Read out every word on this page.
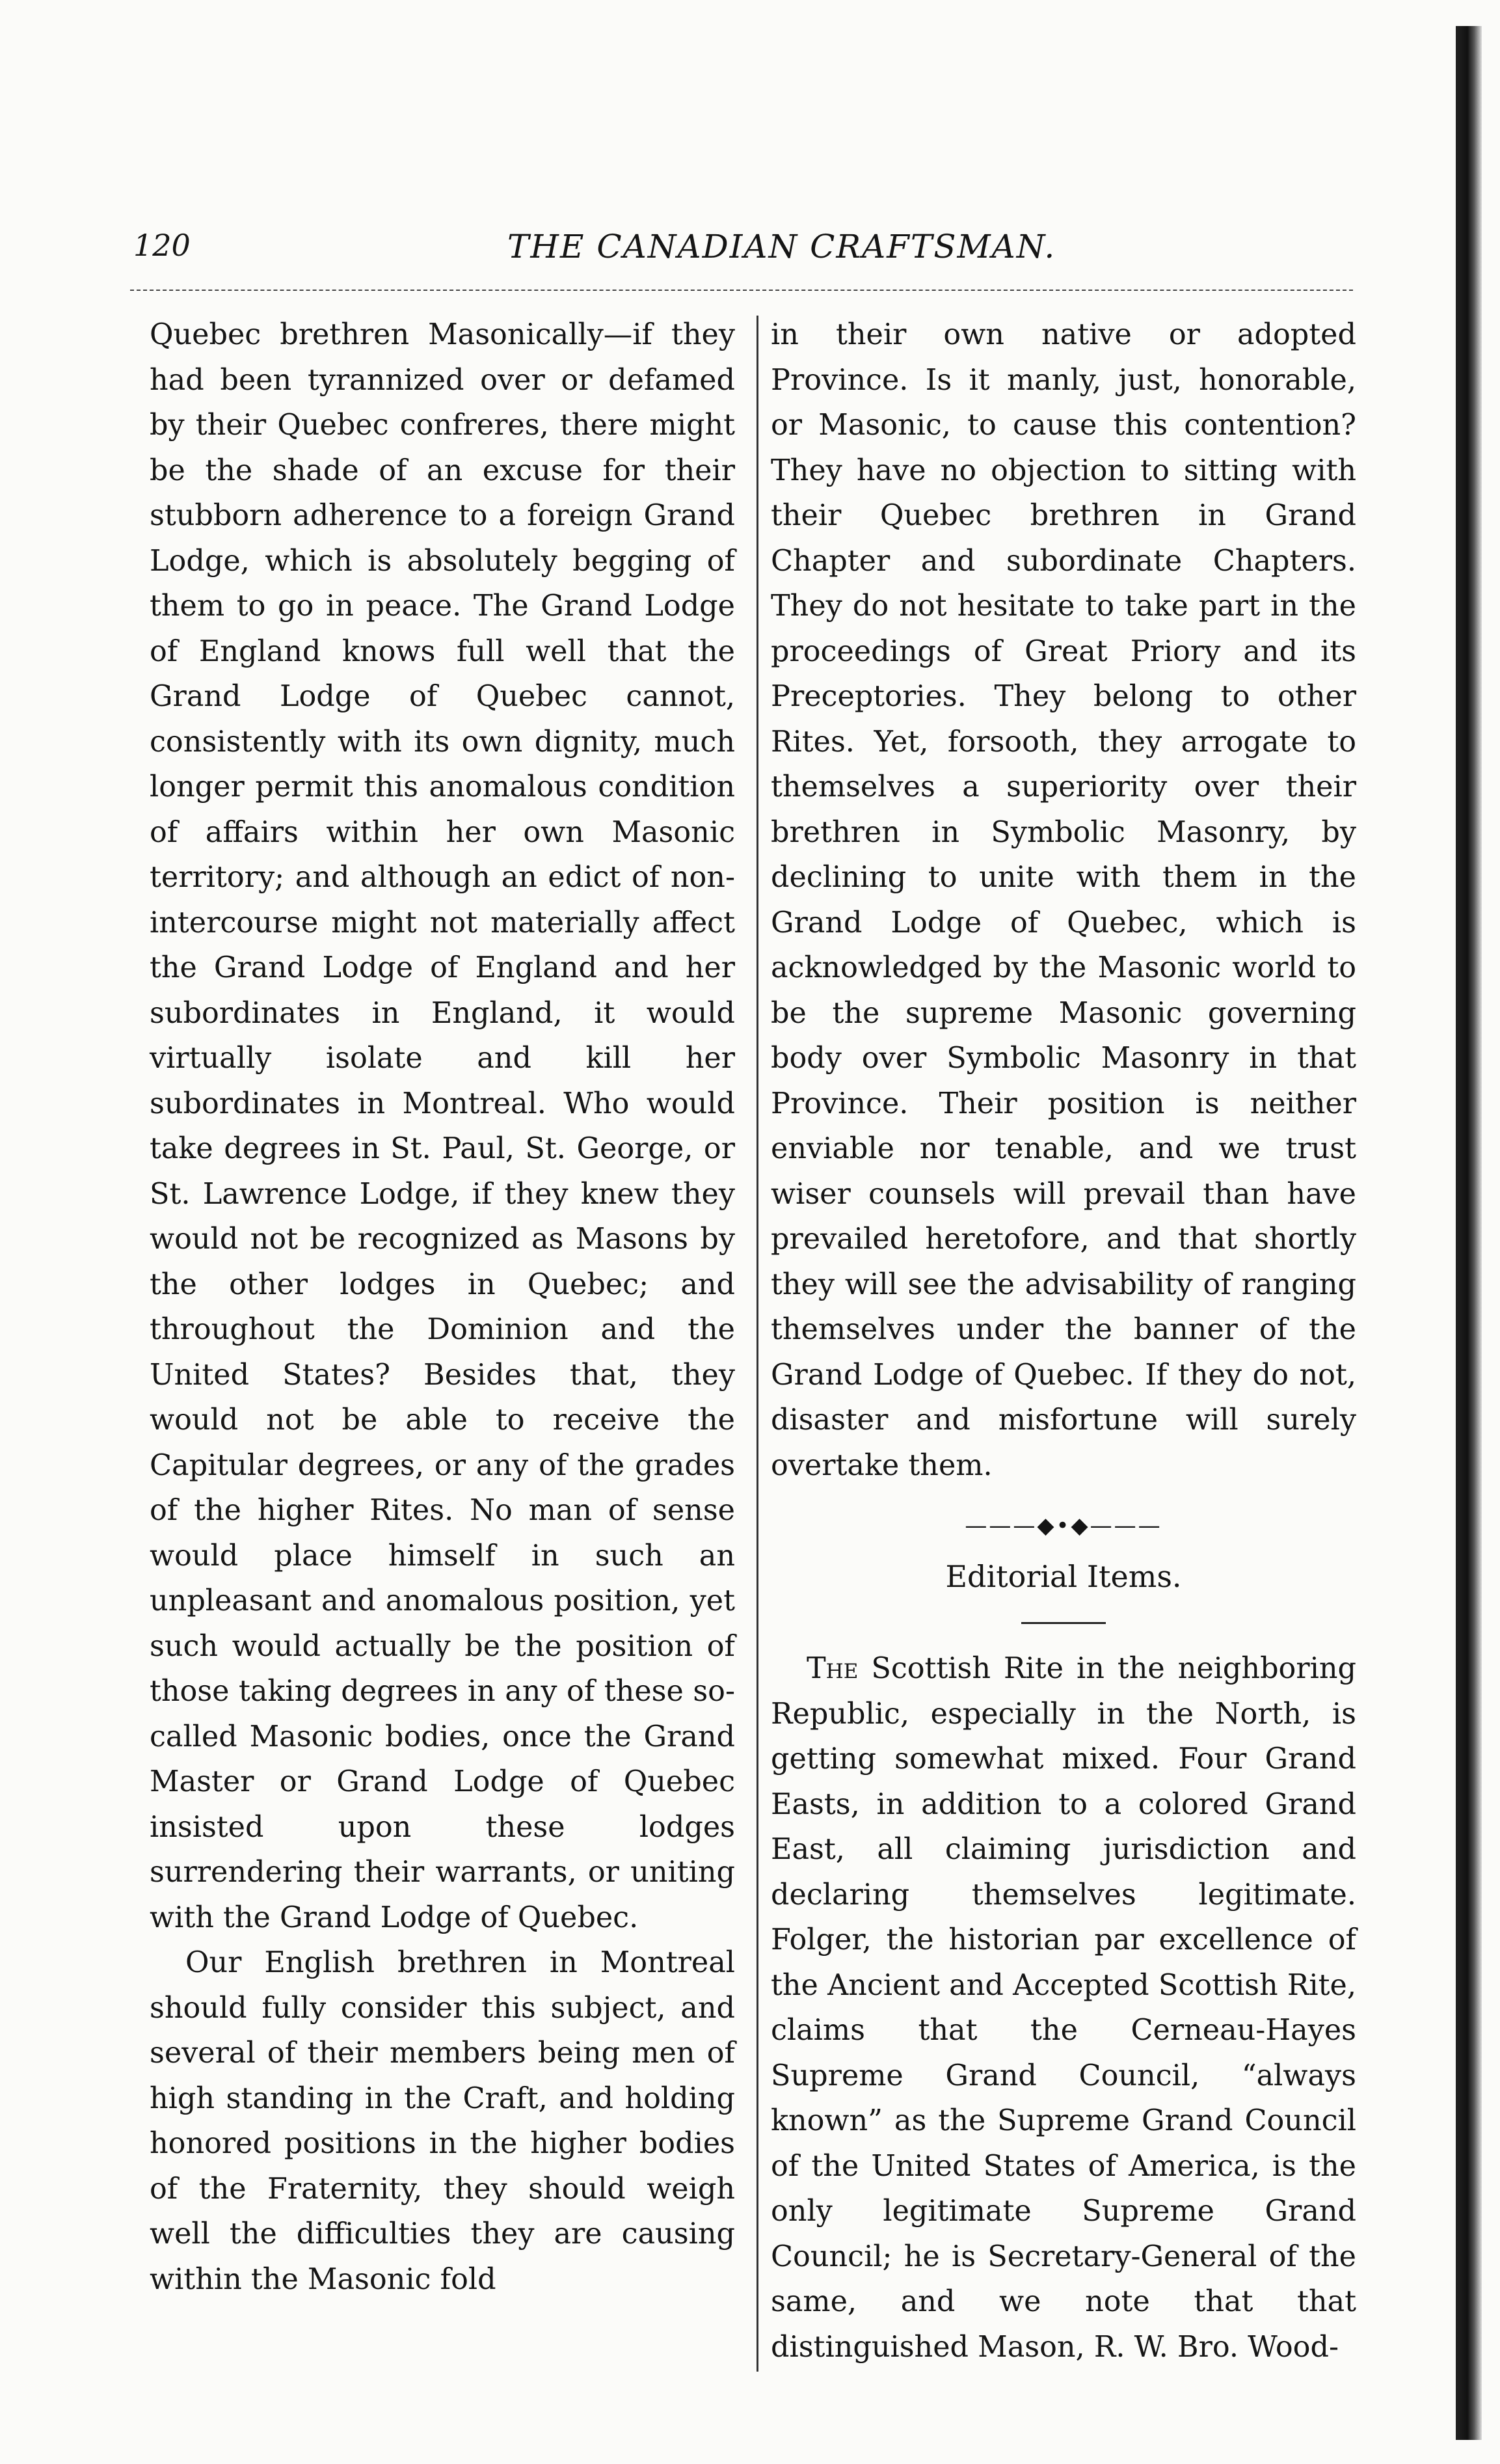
120	THE CANADIAN CRAFTSMAN.

Quebec brethren Masonically—if they had been tyrannized over or defamed by their Quebec confreres, there might be the shade of an excuse for their stubborn adherence to a foreign Grand Lodge, which is absolutely begging of them to go in peace. The Grand Lodge of England knows full well that the Grand Lodge of Quebec cannot, consistently with its own dignity, much longer permit this anomalous condition of affairs within her own Masonic territory; and although an edict of non-intercourse might not materially affect the Grand Lodge of England and her subordinates in England, it would virtually isolate and kill her subordinates in Montreal. Who would take degrees in St. Paul, St. George, or St. Lawrence Lodge, if they knew they would not be recognized as Masons by the other lodges in Quebec; and throughout the Dominion and the United States? Besides that, they would not be able to receive the Capitular degrees, or any of the grades of the higher Rites. No man of sense would place himself in such an unpleasant and anomalous position, yet such would actually be the position of those taking degrees in any of these so-called Masonic bodies, once the Grand Master or Grand Lodge of Quebec insisted upon these lodges surrendering their warrants, or uniting with the Grand Lodge of Quebec.

Our English brethren in Montreal should fully consider this subject, and several of their members being men of high standing in the Craft, and holding honored positions in the higher bodies of the Fraternity, they should weigh well the difficulties they are causing within the Masonic fold

in their own native or adopted Province. Is it manly, just, honorable, or Masonic, to cause this contention? They have no objection to sitting with their Quebec brethren in Grand Chapter and subordinate Chapters. They do not hesitate to take part in the proceedings of Great Priory and its Preceptories. They belong to other Rites. Yet, forsooth, they arrogate to themselves a superiority over their brethren in Symbolic Masonry, by declining to unite with them in the Grand Lodge of Quebec, which is acknowledged by the Masonic world to be the supreme Masonic governing body over Symbolic Masonry in that Province. Their position is neither enviable nor tenable, and we trust wiser counsels will prevail than have prevailed heretofore, and that shortly they will see the advisability of ranging themselves under the banner of the Grand Lodge of Quebec. If they do not, disaster and misfortune will surely overtake them.

———◆•◆———
Editorial Items.

The Scottish Rite in the neighboring Republic, especially in the North, is getting somewhat mixed. Four Grand Easts, in addition to a colored Grand East, all claiming jurisdiction and declaring themselves legitimate. Folger, the historian par excellence of the Ancient and Accepted Scottish Rite, claims that the Cerneau-Hayes Supreme Grand Council, “always known” as the Supreme Grand Council of the United States of America, is the only legitimate Supreme Grand Council; he is Secretary-General of the same, and we note that that distinguished Mason, R. W. Bro. Wood-
